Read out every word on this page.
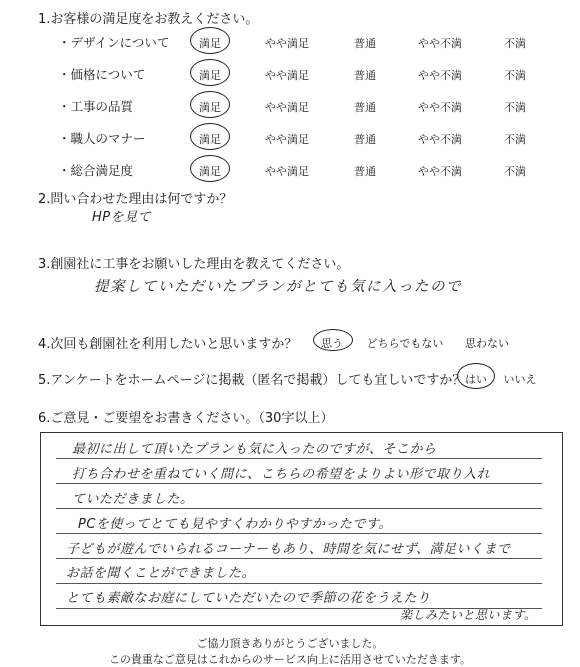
1.お客様の満足度をお教えください。
・デザインについて	満足	やや満足	普通	やや不満	不満
・価格について	満足	やや満足	普通	やや不満	不満
・工事の品質	満足	やや満足	普通	やや不満	不満
・職人のマナー	満足	やや満足	普通	やや不満	不満
・総合満足度	満足	やや満足	普通	やや不満	不満
2.問い合わせた理由は何ですか？
HPを見て
3.創園社に工事をお願いした理由を教えてください。
提案していただいたプランがとても気に入ったので
4.次回も創園社を利用したいと思いますか？	思う	どちらでもない	思わない
5.アンケートをホームページに掲載（匿名で掲載）しても宜しいですか？ はい	いいえ
6.ご意見・ご要望をお書きください。（30字以上）
最初に出して頂いたプランも気に入ったのですが、そこから
打ち合わせを重ねていく間に、こちらの希望をよりよい形で取り入れ
ていただきました。
PCを使ってとても見やすくわかりやすかったです。
子どもが遊んでいられるコーナーもあり、時間を気にせず、満足いくまで
お話を聞くことができました。
とても素敵なお庭にしていただいたので季節の花をうえたり
楽しみたいと思います。
ご協力頂きありがとうございました。
この貴重なご意見はこれからのサービス向上に活用させていただきます。
